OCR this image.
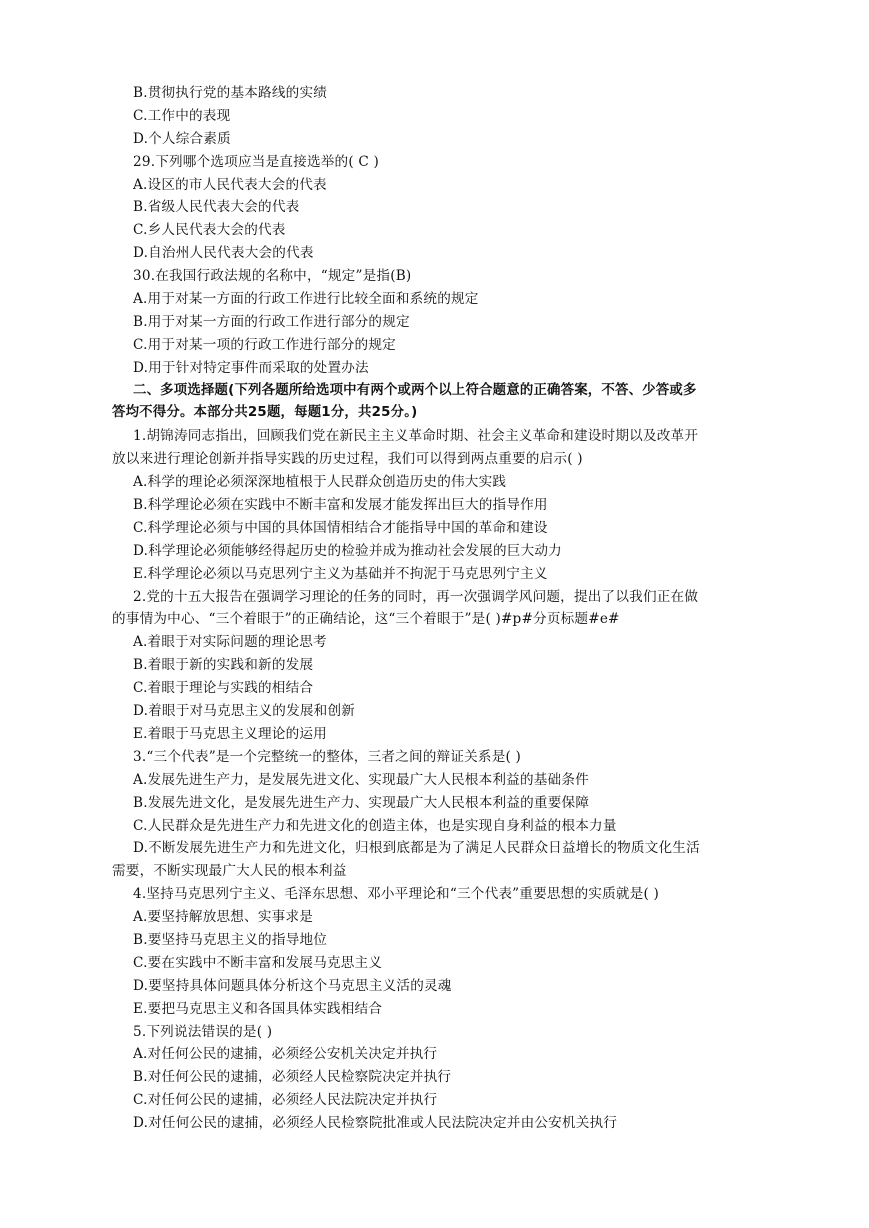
B.贯彻执行党的基本路线的实绩
C.工作中的表现
D.个人综合素质
29.下列哪个选项应当是直接选举的( C )
A.设区的市人民代表大会的代表
B.省级人民代表大会的代表
C.乡人民代表大会的代表
D.自治州人民代表大会的代表
30.在我国行政法规的名称中，“规定”是指(B)
A.用于对某一方面的行政工作进行比较全面和系统的规定
B.用于对某一方面的行政工作进行部分的规定
C.用于对某一项的行政工作进行部分的规定
D.用于针对特定事件而采取的处置办法
二、多项选择题(下列各题所给选项中有两个或两个以上符合题意的正确答案，不答、少答或多
答均不得分。本部分共25题，每题1分，共25分。)
1.胡锦涛同志指出，回顾我们党在新民主主义革命时期、社会主义革命和建设时期以及改革开
放以来进行理论创新并指导实践的历史过程，我们可以得到两点重要的启示( )
A.科学的理论必须深深地植根于人民群众创造历史的伟大实践
B.科学理论必须在实践中不断丰富和发展才能发挥出巨大的指导作用
C.科学理论必须与中国的具体国情相结合才能指导中国的革命和建设
D.科学理论必须能够经得起历史的检验并成为推动社会发展的巨大动力
E.科学理论必须以马克思列宁主义为基础并不拘泥于马克思列宁主义
2.党的十五大报告在强调学习理论的任务的同时，再一次强调学风问题，提出了以我们正在做
的事情为中心、“三个着眼于”的正确结论，这“三个着眼于”是( )#p#分页标题#e#
A.着眼于对实际问题的理论思考
B.着眼于新的实践和新的发展
C.着眼于理论与实践的相结合
D.着眼于对马克思主义的发展和创新
E.着眼于马克思主义理论的运用
3.“三个代表”是一个完整统一的整体，三者之间的辩证关系是( )
A.发展先进生产力，是发展先进文化、实现最广大人民根本利益的基础条件
B.发展先进文化，是发展先进生产力、实现最广大人民根本利益的重要保障
C.人民群众是先进生产力和先进文化的创造主体，也是实现自身利益的根本力量
D.不断发展先进生产力和先进文化，归根到底都是为了满足人民群众日益增长的物质文化生活
需要，不断实现最广大人民的根本利益
4.坚持马克思列宁主义、毛泽东思想、邓小平理论和“三个代表”重要思想的实质就是( )
A.要坚持解放思想、实事求是
B.要坚持马克思主义的指导地位
C.要在实践中不断丰富和发展马克思主义
D.要坚持具体问题具体分析这个马克思主义活的灵魂
E.要把马克思主义和各国具体实践相结合
5.下列说法错误的是( )
A.对任何公民的逮捕，必须经公安机关决定并执行
B.对任何公民的逮捕，必须经人民检察院决定并执行
C.对任何公民的逮捕，必须经人民法院决定并执行
D.对任何公民的逮捕，必须经人民检察院批准或人民法院决定并由公安机关执行
